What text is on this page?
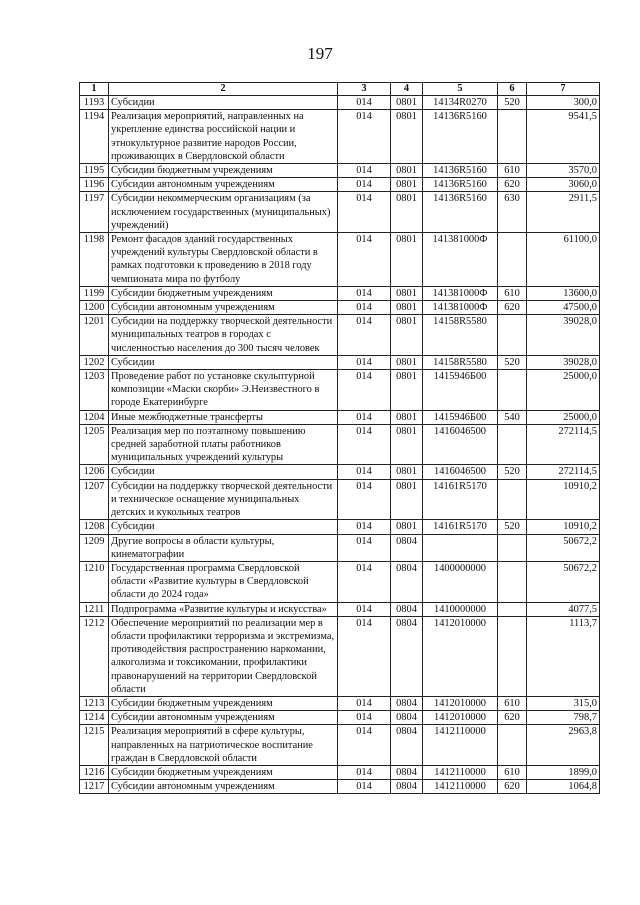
197
1	2	3	4	5	6	7
1193	Субсидии	014	0801	14134R0270	520	300,0
1194	Реализация мероприятий, направленных на укрепление единства российской нации и этнокультурное развитие народов России, проживающих в Свердловской области	014	0801	14136R5160		9541,5
1195	Субсидии бюджетным учреждениям	014	0801	14136R5160	610	3570,0
1196	Субсидии автономным учреждениям	014	0801	14136R5160	620	3060,0
1197	Субсидии некоммерческим организациям (за исключением государственных (муниципальных) учреждений)	014	0801	14136R5160	630	2911,5
1198	Ремонт фасадов зданий государственных учреждений культуры Свердловской области в рамках подготовки к проведению в 2018 году чемпионата мира по футболу	014	0801	141381000Ф		61100,0
1199	Субсидии бюджетным учреждениям	014	0801	141381000Ф	610	13600,0
1200	Субсидии автономным учреждениям	014	0801	141381000Ф	620	47500,0
1201	Субсидии на поддержку творческой деятельности муниципальных театров в городах с численностью населения до 300 тысяч человек	014	0801	14158R5580		39028,0
1202	Субсидии	014	0801	14158R5580	520	39028,0
1203	Проведение работ по установке скульптурной композиции «Маски скорби» Э.Неизвестного в городе Екатеринбурге	014	0801	1415946Б00		25000,0
1204	Иные межбюджетные трансферты	014	0801	1415946Б00	540	25000,0
1205	Реализация мер по поэтапному повышению средней заработной платы работников муниципальных учреждений культуры	014	0801	1416046500		272114,5
1206	Субсидии	014	0801	1416046500	520	272114,5
1207	Субсидии на поддержку творческой деятельности и техническое оснащение муниципальных детских и кукольных театров	014	0801	14161R5170		10910,2
1208	Субсидии	014	0801	14161R5170	520	10910,2
1209	Другие вопросы в области культуры, кинематографии	014	0804			50672,2
1210	Государственная программа Свердловской области «Развитие культуры в Свердловской области до 2024 года»	014	0804	1400000000		50672,2
1211	Подпрограмма «Развитие культуры и искусства»	014	0804	1410000000		4077,5
1212	Обеспечение мероприятий по реализации мер в области профилактики терроризма и экстремизма, противодействия распространению наркомании, алкоголизма и токсикомании, профилактики правонарушений на территории Свердловской области	014	0804	1412010000		1113,7
1213	Субсидии бюджетным учреждениям	014	0804	1412010000	610	315,0
1214	Субсидии автономным учреждениям	014	0804	1412010000	620	798,7
1215	Реализация мероприятий в сфере культуры, направленных на патриотическое воспитание граждан в Свердловской области	014	0804	1412110000		2963,8
1216	Субсидии бюджетным учреждениям	014	0804	1412110000	610	1899,0
1217	Субсидии автономным учреждениям	014	0804	1412110000	620	1064,8
